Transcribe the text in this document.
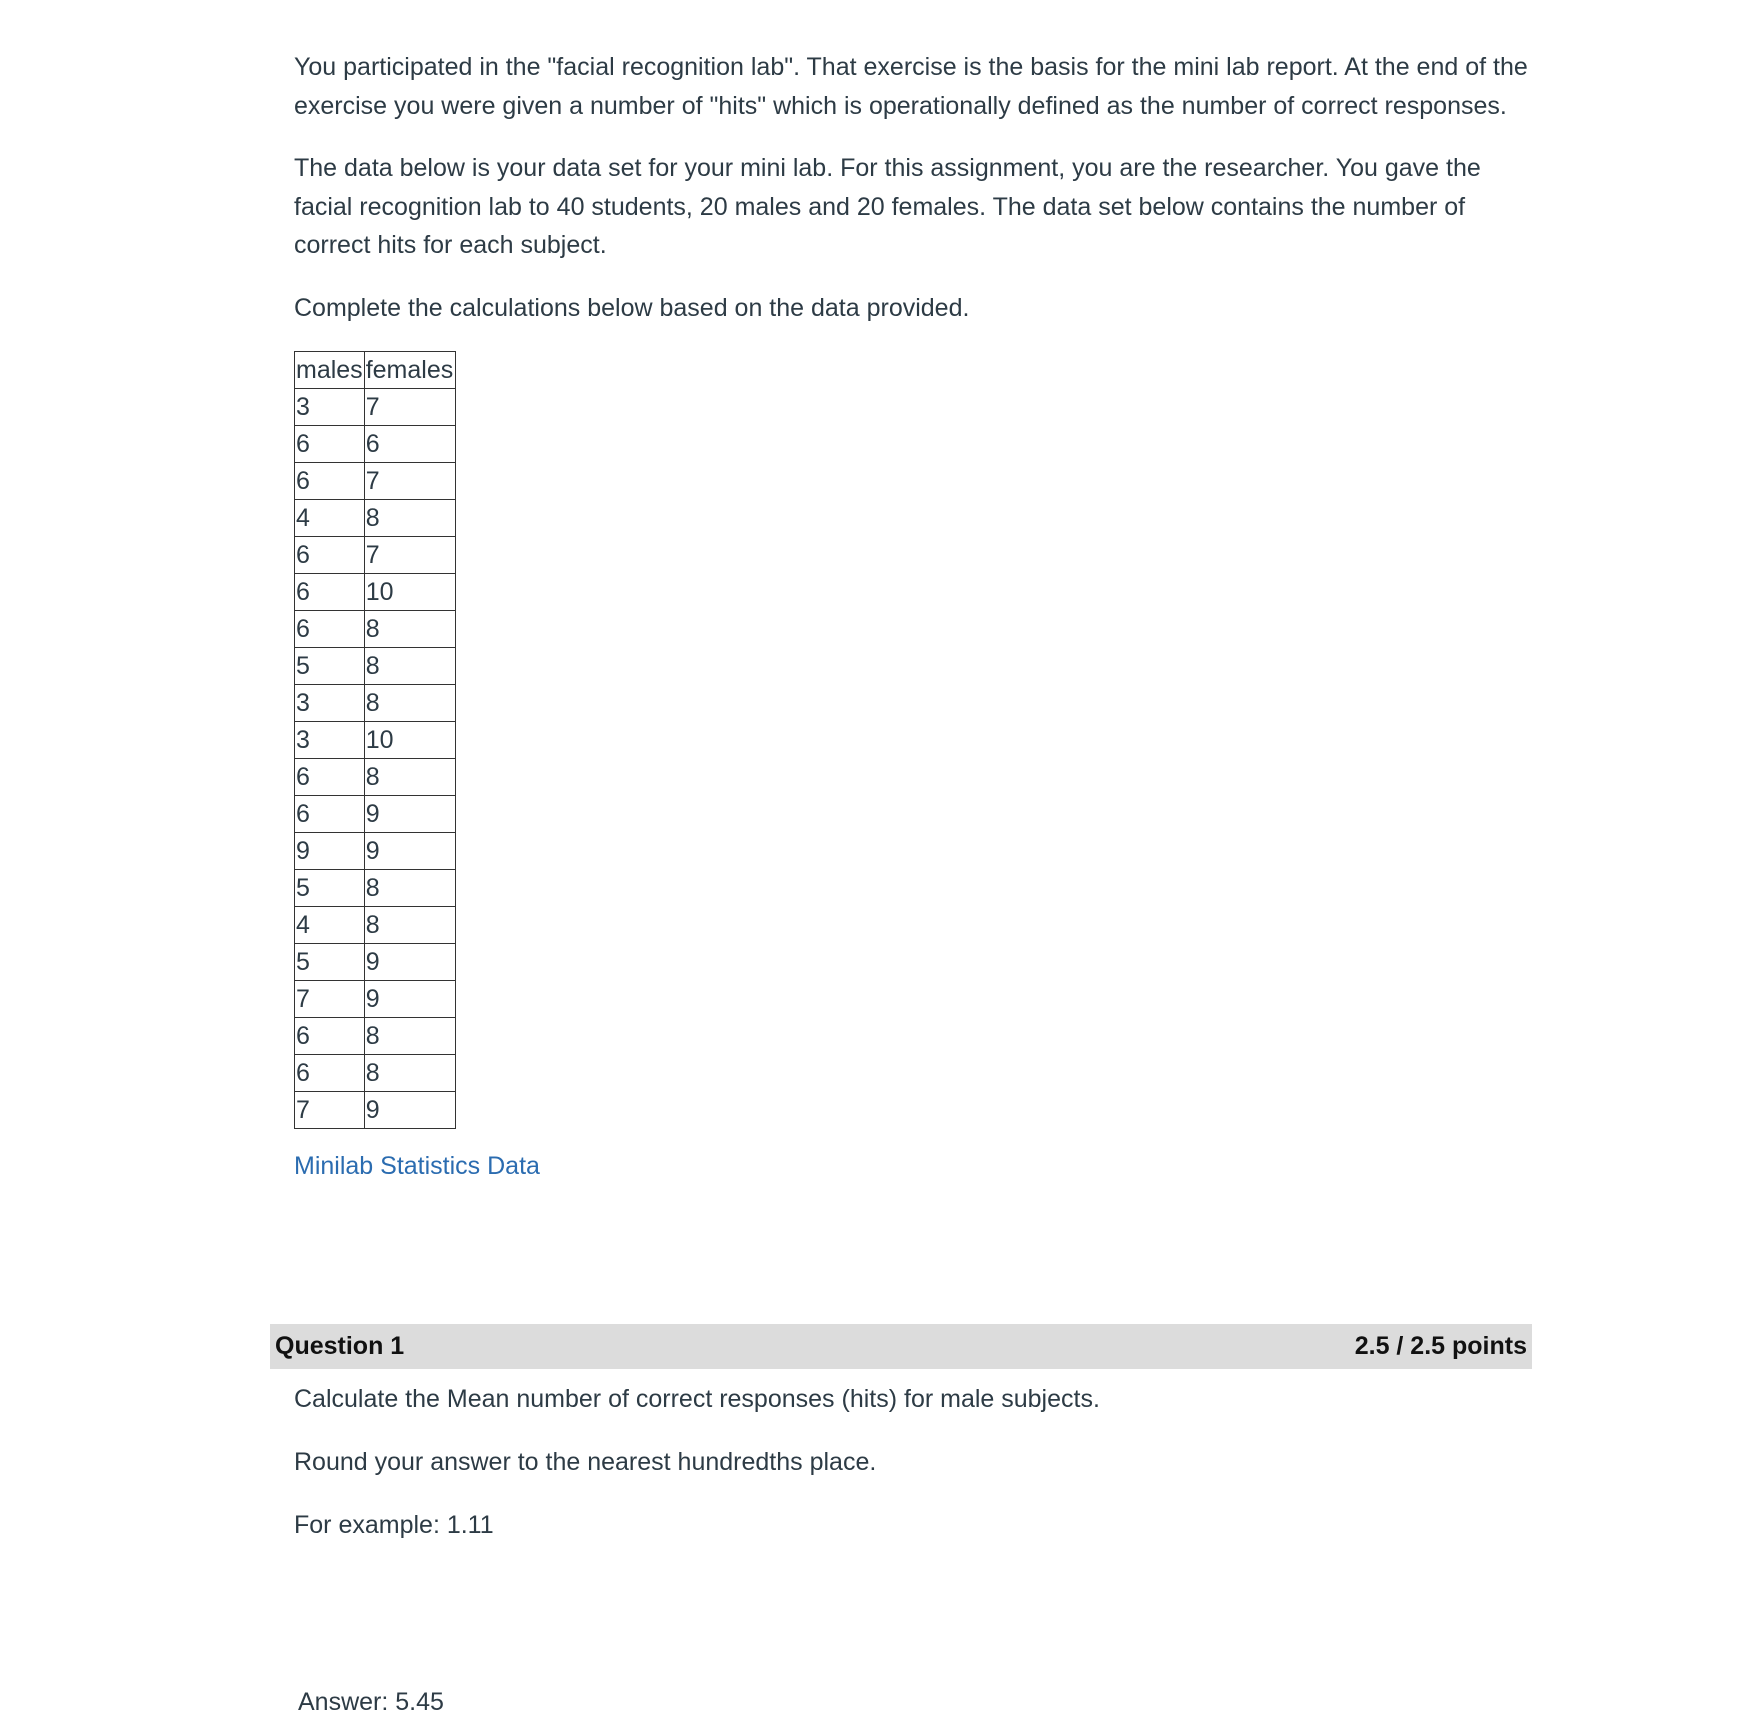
You participated in the "facial recognition lab". That exercise is the basis for the mini lab report. At the end of the exercise you were given a number of "hits" which is operationally defined as the number of correct responses.

The data below is your data set for your mini lab. For this assignment, you are the researcher. You gave the facial recognition lab to 40 students, 20 males and 20 females. The data set below contains the number of correct hits for each subject.

Complete the calculations below based on the data provided.

males	females
3	7
6	6
6	7
4	8
6	7
6	10
6	8
5	8
3	8
3	10
6	8
6	9
9	9
5	8
4	8
5	9
7	9
6	8
6	8
7	9
Minilab Statistics Data
Question 1	2.5 / 2.5 points

Calculate the Mean number of correct responses (hits) for male subjects.

Round your answer to the nearest hundredths place.

For example: 1.11

Answer: 5.45
